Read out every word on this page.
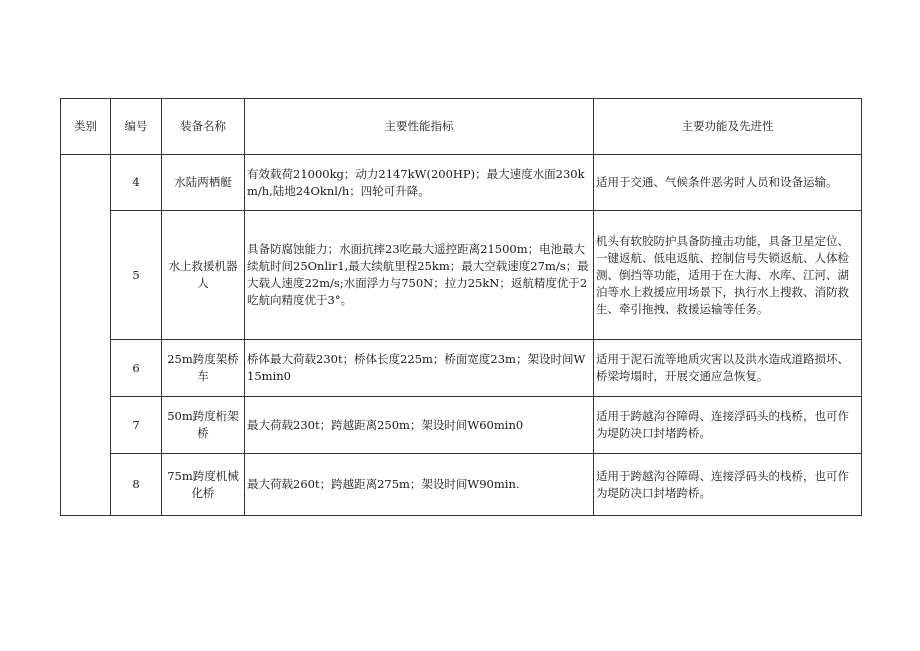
类别	编号	装备名称	主要性能指标	主要功能及先进性
	4	水陆两栖艇	有效载荷21000kg；动力2147kW(200HP)；最大速度水面230km/h,陆地24Oknl/h；四轮可升降。	适用于交通、气候条件恶劣时人员和设备运输。
	5	水上救援机器人	具备防腐蚀能力；水面抗摔23吃最大遥控距离21500m；电池最大续航时间25Onlir1,最大续航里程25km；最大空载速度27m/s；最大载人速度22m/s;水面浮力与750N；拉力25kN；返航精度优于2吃航向精度优于3°。	机头有软胶防护具备防撞击功能，具备卫星定位、一键返航、低电返航、控制信号失锁返航、人体检测、倒挡等功能，适用于在大海、水库、江河、湖泊等水上救援应用场景下，执行水上搜救、消防救生、牵引拖拽、救援运输等任务。
	6	25m跨度架桥车	桥体最大荷载230t；桥体长度225m；桥面宽度23m；架设时间W15min0	适用于泥石流等地质灾害以及洪水造成道路损坏、桥梁垮塌时，开展交通应急恢复。
	7	50m跨度桁架桥	最大荷载230t；跨越距离250m；架设时间W60min0	适用于跨越沟谷障碍、连接浮码头的栈桥，也可作为堤防决口封堵跨桥。
	8	75m跨度机械化桥	最大荷载260t；跨越距离275m；架设时间W90min.	适用于跨越沟谷障碍、连接浮码头的栈桥，也可作为堤防决口封堵跨桥。
